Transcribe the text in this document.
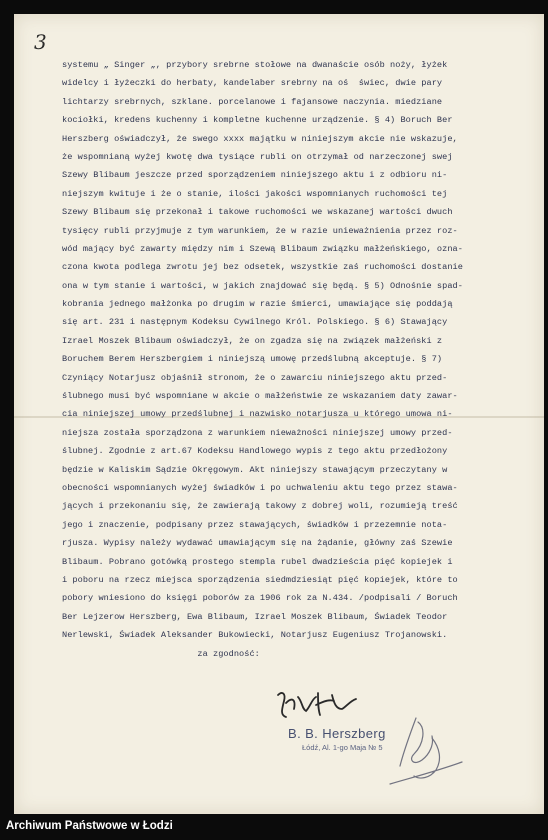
3
systemu „ Singer „, przybory srebrne stołowe na dwanaście osób noży, łyżek
widelcy i łyżeczki do herbaty, kandelaber srebrny na oś  świec, dwie pary
lichtarzy srebrnych, szklane. porcelanowe i fajansowe naczynia. miedziane
kociołki, kredens kuchenny i kompletne kuchenne urządzenie. § 4) Boruch Ber
Herszberg oświadczył, że swego xxxx majątku w niniejszym akcie nie wskazuje,
że wspomnianą wyżej kwotę dwa tysiące rubli on otrzymał od narzeczonej swej
Szewy Blibaum jeszcze przed sporządzeniem niniejszego aktu i z odbioru ni-
niejszym kwituje i że o stanie, ilości jakości wspomnianych ruchomości tej
Szewy Blibaum się przekonał i takowe ruchomości we wskazanej wartości dwuch
tysięcy rubli przyjmuje z tym warunkiem, że w razie unieważnienia przez roz-
wód mający być zawarty między nim i Szewą Blibaum związku małżeńskiego, ozna-
czona kwota podlega zwrotu jej bez odsetek, wszystkie zaś ruchomości dostanie
ona w tym stanie i wartości, w jakich znajdować się będą. § 5) Odnośnie spad-
kobrania jednego małżonka po drugim w razie śmierci, umawiające się poddają
się art. 231 i następnym Kodeksu Cywilnego Król. Polskiego. § 6) Stawający
Izrael Moszek Blibaum oświadczył, że on zgadza się na związek małżeński z
Boruchem Berem Herszbergiem i niniejszą umowę przedślubną akceptuje. § 7)
Czyniący Notarjusz objaśnił stronom, że o zawarciu niniejszego aktu przed-
ślubnego musi być wspomniane w akcie o małżeństwie ze wskazaniem daty zawar-
cia niniejszej umowy przedślubnej i nazwisko notarjusza u którego umowa ni-
niejsza została sporządzona z warunkiem nieważności niniejszej umowy przed-
ślubnej. Zgodnie z art.67 Kodeksu Handlowego wypis z tego aktu przedłożony
będzie w Kaliskim Sądzie Okręgowym. Akt niniejszy stawającym przeczytany w
obecności wspomnianych wyżej świadków i po uchwaleniu aktu tego przez stawa-
jących i przekonaniu się, że zawierają takowy z dobrej woli, rozumieją treść
jego i znaczenie, podpisany przez stawających, świadków i przezemnie nota-
rjusza. Wypisy należy wydawać umawiającym się na żądanie, główny zaś Szewie
Blibaum. Pobrano gotówką prostego stempla rubel dwadzieścia pięć kopiejek i
i poboru na rzecz miejsca sporządzenia siedmdziesiąt pięć kopiejek, które to
pobory wniesiono do księgi poborów za 1906 rok za N.434. /podpisali / Boruch
Ber Lejzerow Herszberg, Ewa Blibaum, Izrael Moszek Blibaum, Świadek Teodor
Nerlewski, Świadek Aleksander Bukowiecki, Notarjusz Eugeniusz Trojanowski.
za zgodność:
B. B. Herszberg
Łódź, Al. 1-go Maja № 5
Archiwum Państwowe w Łodzi
